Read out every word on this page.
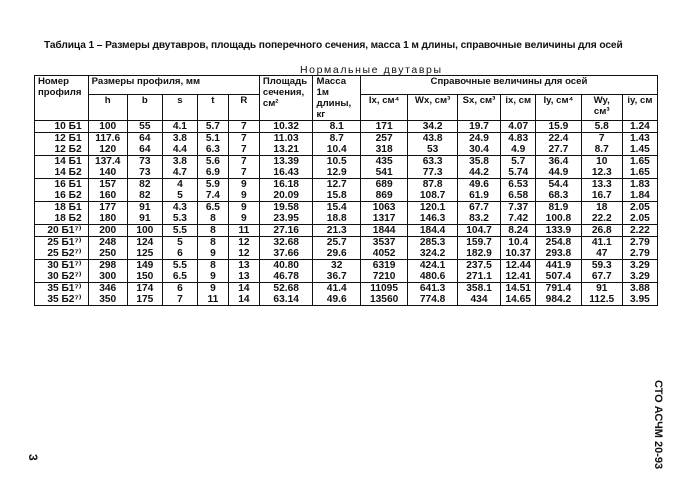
Таблица 1 – Размеры двутавров, площадь поперечного сечения, масса 1 м длины, справочные величины для осей
Нормальные двутавры
Номер профиля	Размеры профиля, мм					Площадь сечения, см²	Масса 1м длины, кг	Справочные величины для осей						
	h	b	s	t	R			Ix, см⁴	Wx, см³	Sx, см³	ix, см	Iy, см⁴	Wy, см³	iy, см
10 Б1	100	55	4.1	5.7	7	10.32	8.1	171	34.2	19.7	4.07	15.9	5.8	1.24
12 Б1	117.6	64	3.8	5.1	7	11.03	8.7	257	43.8	24.9	4.83	22.4	7	1.43
12 Б2	120	64	4.4	6.3	7	13.21	10.4	318	53	30.4	4.9	27.7	8.7	1.45
14 Б1	137.4	73	3.8	5.6	7	13.39	10.5	435	63.3	35.8	5.7	36.4	10	1.65
14 Б2	140	73	4.7	6.9	7	16.43	12.9	541	77.3	44.2	5.74	44.9	12.3	1.65
16 Б1	157	82	4	5.9	9	16.18	12.7	689	87.8	49.6	6.53	54.4	13.3	1.83
16 Б2	160	82	5	7.4	9	20.09	15.8	869	108.7	61.9	6.58	68.3	16.7	1.84
18 Б1	177	91	4.3	6.5	9	19.58	15.4	1063	120.1	67.7	7.37	81.9	18	2.05
18 Б2	180	91	5.3	8	9	23.95	18.8	1317	146.3	83.2	7.42	100.8	22.2	2.05
20 Б1⁷⁾	200	100	5.5	8	11	27.16	21.3	1844	184.4	104.7	8.24	133.9	26.8	2.22
25 Б1⁷⁾	248	124	5	8	12	32.68	25.7	3537	285.3	159.7	10.4	254.8	41.1	2.79
25 Б2⁷⁾	250	125	6	9	12	37.66	29.6	4052	324.2	182.9	10.37	293.8	47	2.79
30 Б1⁷⁾	298	149	5.5	8	13	40.80	32	6319	424.1	237.5	12.44	441.9	59.3	3.29
30 Б2⁷⁾	300	150	6.5	9	13	46.78	36.7	7210	480.6	271.1	12.41	507.4	67.7	3.29
35 Б1⁷⁾	346	174	6	9	14	52.68	41.4	11095	641.3	358.1	14.51	791.4	91	3.88
35 Б2⁷⁾	350	175	7	11	14	63.14	49.6	13560	774.8	434	14.65	984.2	112.5	3.95
СТО АСЧМ 20-93
3
